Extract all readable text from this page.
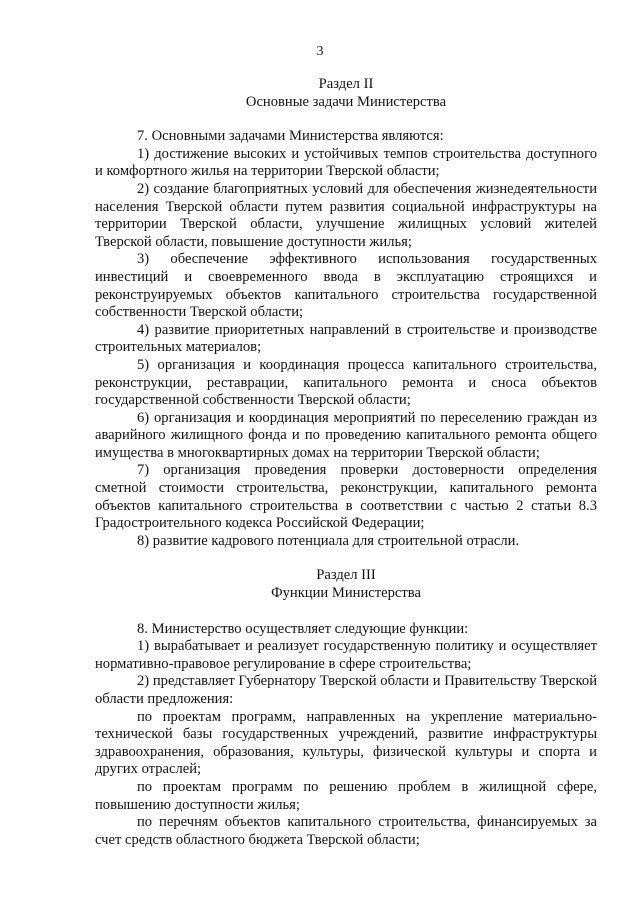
3
Раздел II
Основные задачи Министерства

7. Основными задачами Министерства являются:

1) достижение высоких и устойчивых темпов строительства доступного и комфортного жилья на территории Тверской области;

2) создание благоприятных условий для обеспечения жизнедеятельности населения Тверской области путем развития социальной инфраструктуры на территории Тверской области, улучшение жилищных условий жителей Тверской области, повышение доступности жилья;

3) обеспечение эффективного использования государственных инвестиций и своевременного ввода в эксплуатацию строящихся и реконструируемых объектов капитального строительства государственной собственности Тверской области;

4) развитие приоритетных направлений в строительстве и производстве строительных материалов;

5) организация и координация процесса капитального строительства, реконструкции, реставрации, капитального ремонта и сноса объектов государственной собственности Тверской области;

6) организация и координация мероприятий по переселению граждан из аварийного жилищного фонда и по проведению капитального ремонта общего имущества в многоквартирных домах на территории Тверской области;

7) организация проведения проверки достоверности определения сметной стоимости строительства, реконструкции, капитального ремонта объектов капитального строительства в соответствии с частью 2 статьи 8.3 Градостроительного кодекса Российской Федерации;

8) развитие кадрового потенциала для строительной отрасли.

Раздел III
Функции Министерства

8. Министерство осуществляет следующие функции:

1) вырабатывает и реализует государственную политику и осуществляет нормативно-правовое регулирование в сфере строительства;

2) представляет Губернатору Тверской области и Правительству Тверской области предложения:

по проектам программ, направленных на укрепление материально-технической базы государственных учреждений, развитие инфраструктуры здравоохранения, образования, культуры, физической культуры и спорта и других отраслей;

по проектам программ по решению проблем в жилищной сфере, повышению доступности жилья;

по перечням объектов капитального строительства, финансируемых за счет средств областного бюджета Тверской области;
